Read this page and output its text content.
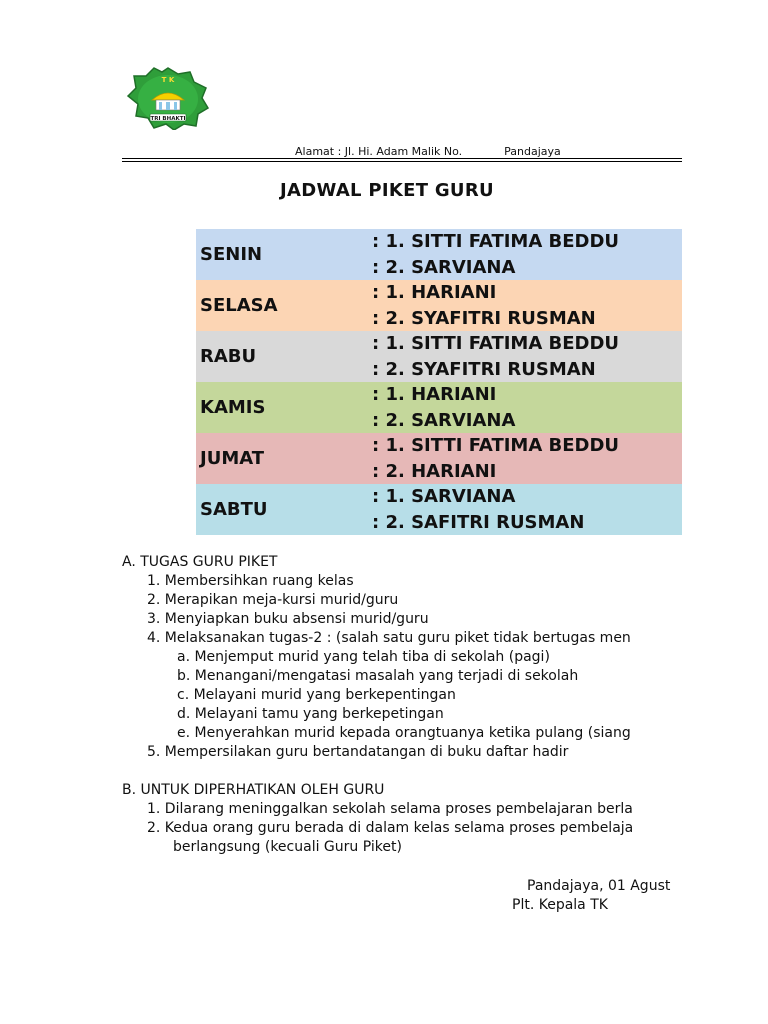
T K
TRI BHAKTI
Alamat : Jl. Hi. Adam Malik No.	Pandajaya
JADWAL PIKET GURU
SENIN
: 1. SITTI FATIMA BEDDU
: 2. SARVIANA
SELASA
: 1. HARIANI
: 2. SYAFITRI RUSMAN
RABU
: 1. SITTI FATIMA BEDDU
: 2. SYAFITRI RUSMAN
KAMIS
: 1. HARIANI
: 2. SARVIANA
JUMAT
: 1. SITTI FATIMA BEDDU
: 2. HARIANI
SABTU
: 1. SARVIANA
: 2. SAFITRI RUSMAN
A. TUGAS GURU PIKET
1. Membersihkan ruang kelas
2. Merapikan meja-kursi murid/guru
3. Menyiapkan buku absensi murid/guru
4. Melaksanakan tugas-2 : (salah satu guru piket tidak bertugas men
a. Menjemput murid yang telah tiba di sekolah (pagi)
b. Menangani/mengatasi masalah yang terjadi di sekolah
c. Melayani murid yang berkepentingan
d. Melayani tamu yang berkepetingan
e. Menyerahkan murid kepada orangtuanya ketika pulang (siang
5. Mempersilakan guru bertandatangan di buku daftar hadir
B. UNTUK DIPERHATIKAN OLEH GURU
1. Dilarang meninggalkan sekolah selama proses pembelajaran berla
2. Kedua orang guru berada di dalam kelas selama proses pembelaja
berlangsung (kecuali Guru Piket)
Pandajaya, 01 Agust
Plt. Kepala TK
